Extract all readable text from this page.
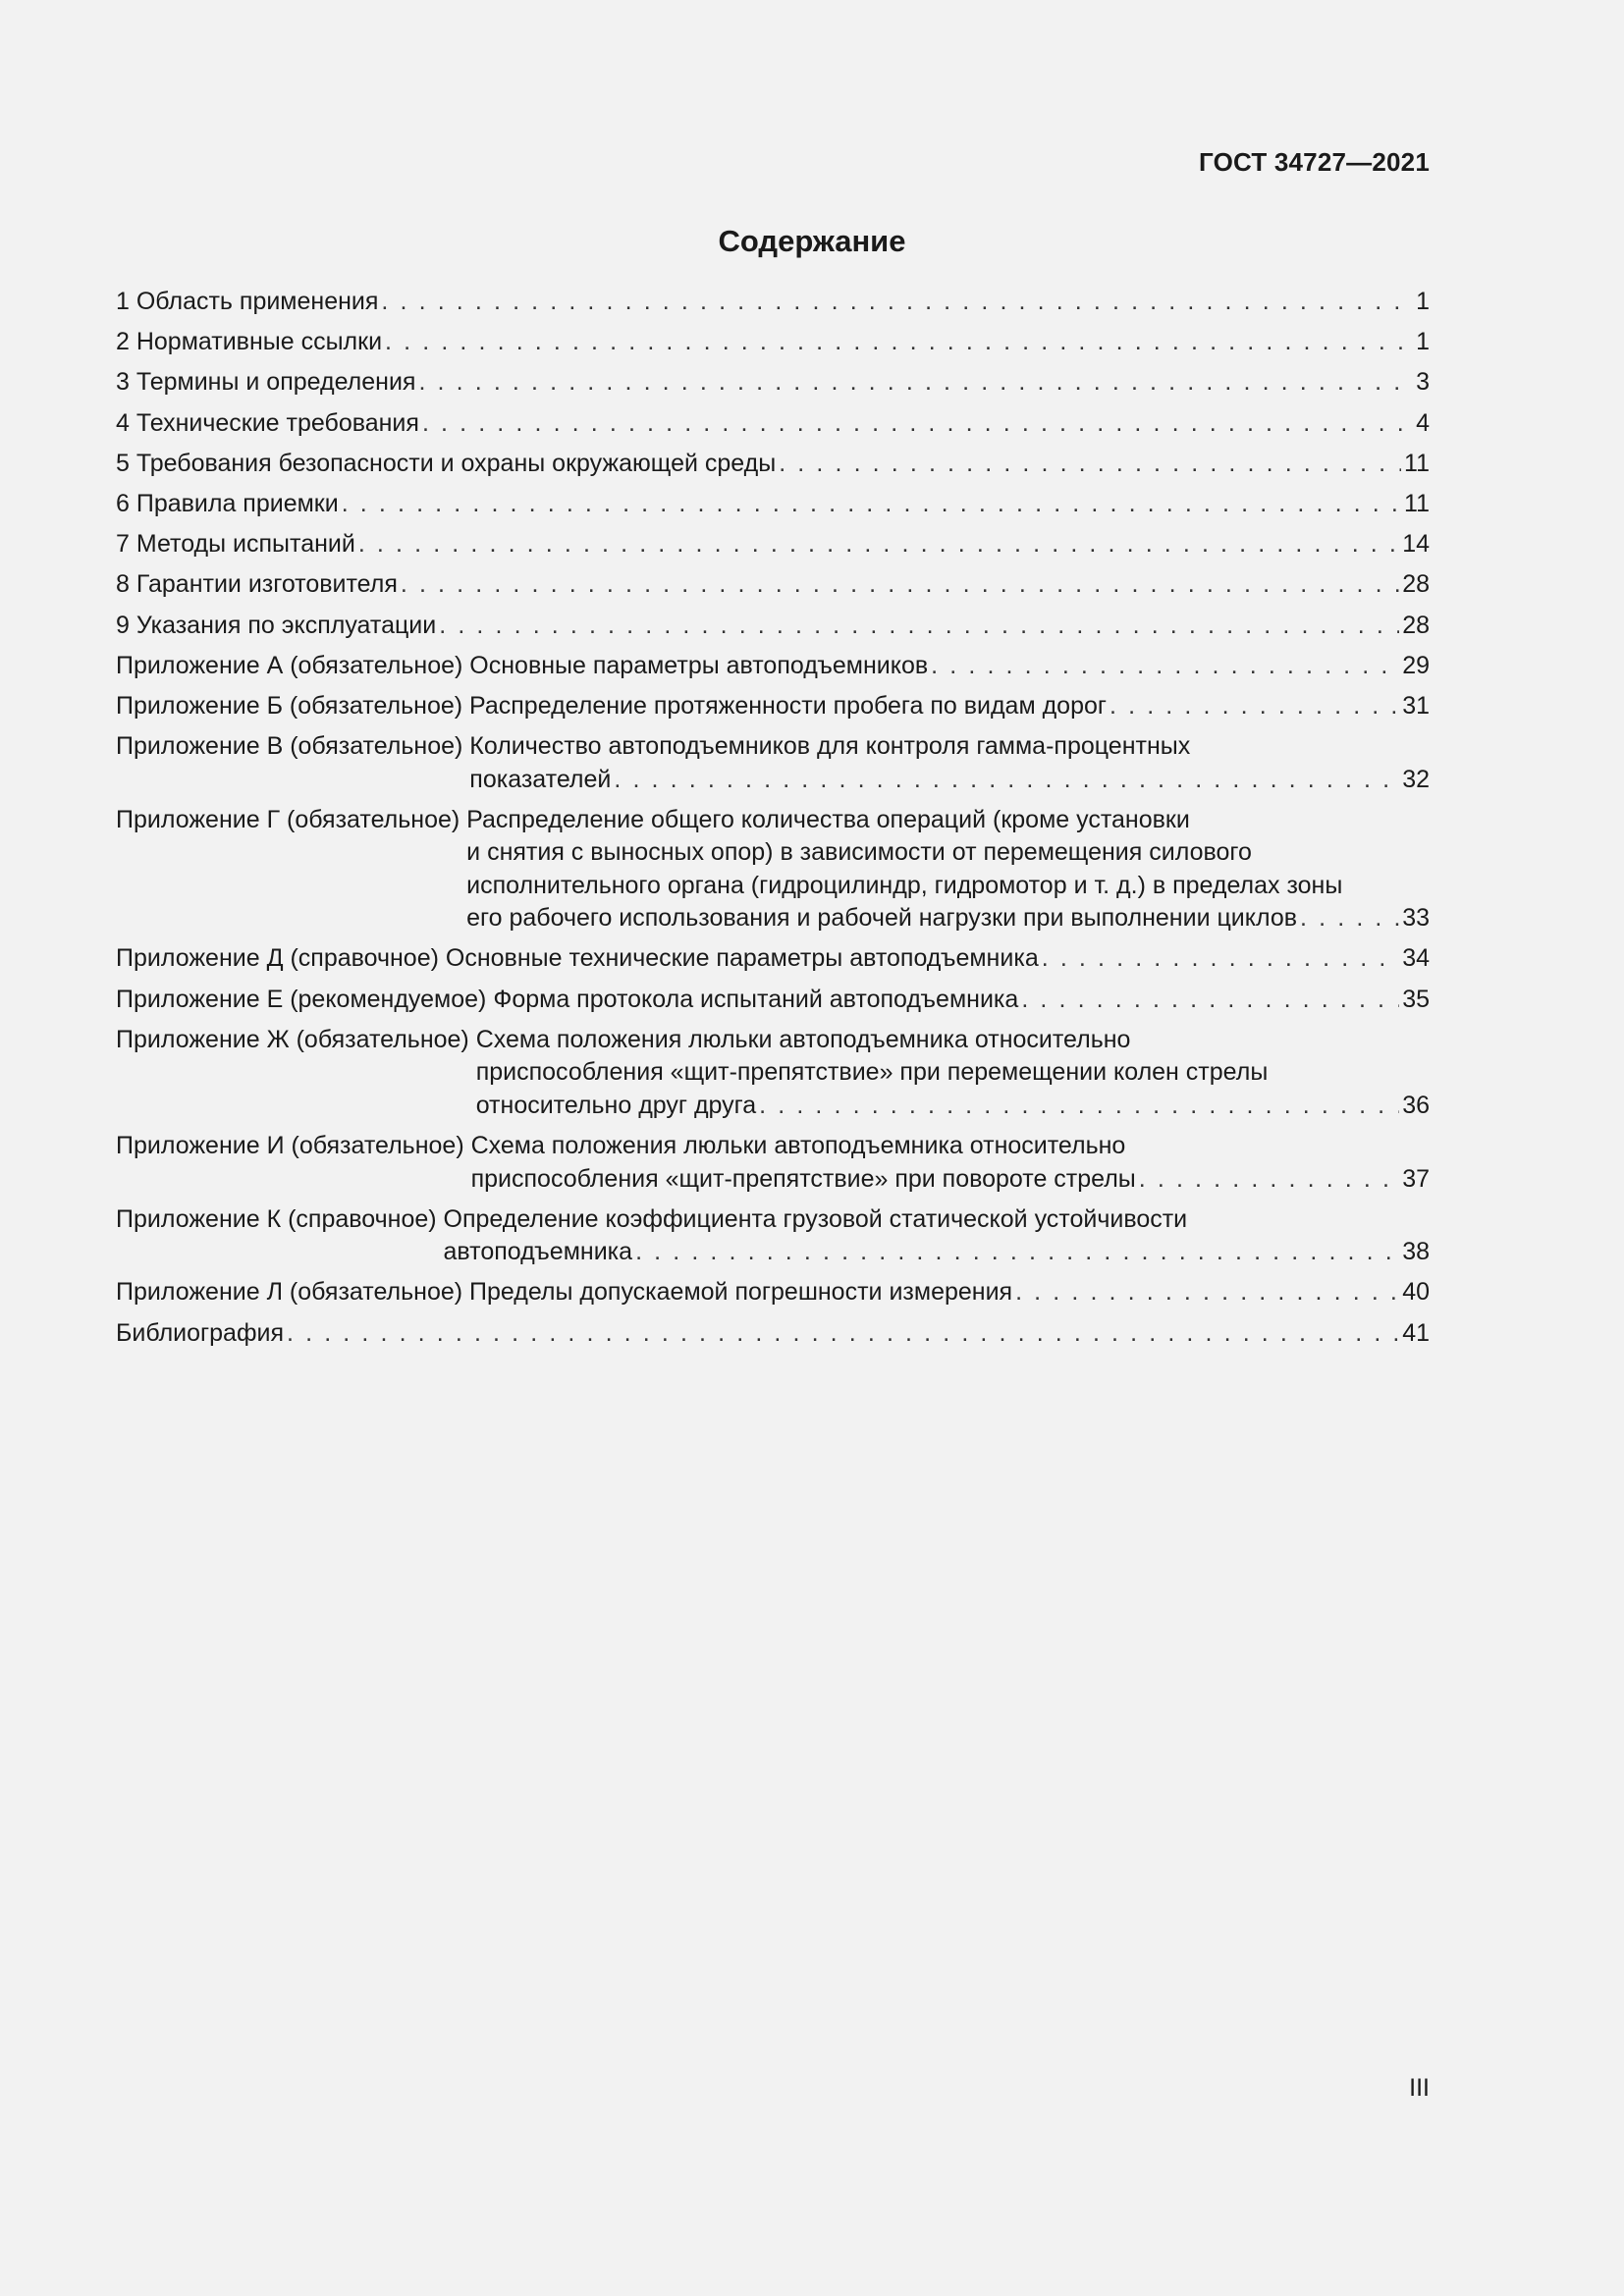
ГОСТ 34727—2021
Содержание
1 Область применения . . .	1
2 Нормативные ссылки . . .	1
3 Термины и определения . . .	3
4 Технические требования . . .	4
5 Требования безопасности и охраны окружающей среды . . .	11
6 Правила приемки . . .	11
7 Методы испытаний . . .	14
8 Гарантии изготовителя . . .	28
9 Указания по эксплуатации . . .	28
Приложение А (обязательное) Основные параметры автоподъемников . . .	29
Приложение Б (обязательное) Распределение протяженности пробега по видам дорог . . .	31
Приложение В (обязательное) Количество автоподъемников для контроля гамма-процентных
показателей . . .	32
Приложение Г (обязательное) Распределение общего количества операций (кроме установки
и снятия с выносных опор) в зависимости от перемещения силового
исполнительного органа (гидроцилиндр, гидромотор и т. д.) в пределах зоны
его рабочего использования и рабочей нагрузки при выполнении циклов . . .	33
Приложение Д (справочное) Основные технические параметры автоподъемника . . .	34
Приложение Е (рекомендуемое) Форма протокола испытаний автоподъемника . . .	35
Приложение Ж (обязательное) Схема положения люльки автоподъемника относительно
приспособления «щит-препятствие» при перемещении колен стрелы
относительно друг друга . . .	36
Приложение И (обязательное) Схема положения люльки автоподъемника относительно
приспособления «щит-препятствие» при повороте стрелы . . .	37
Приложение К (справочное) Определение коэффициента грузовой статической устойчивости
автоподъемника . . .	38
Приложение Л (обязательное) Пределы допускаемой погрешности измерения . . .	40
Библиография . . .	41
III
